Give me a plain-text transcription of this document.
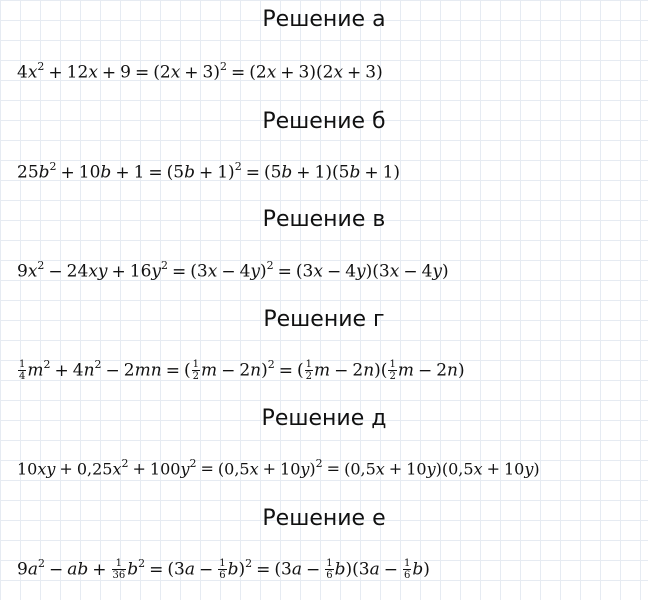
Решение а
$4x^2 + 12x + 9 = (2x + 3)^2 = (2x + 3)(2x + 3)$
Решение б
$25b^2 + 10b + 1 = (5b + 1)^2 = (5b + 1)(5b + 1)$
Решение в
$9x^2 - 24xy + 16y^2 = (3x - 4y)^2 = (3x - 4y)(3x - 4y)$
Решение г
$\frac{1}{4} m^2 + 4n^2 - 2mn$ = ( $\frac{1}{2}$ m − 2n)$^2$ = ( $\frac{1}{2}$ $m - 2n)( \frac{1}{2}$ m − 2n)
Решение д
$10xy + 0,25x^2 + 100y^2 = (0,5x + 10y)^2 = (0,5x + 10y)(0,5x + 10y)$
Решение е
$9a^2$ − ab + $\frac{1}{36} b^2 = (3a - \frac{1}{6} b)^2 = (3a - \frac{1}{6} b)(3a - \frac{1}{6} b)$
